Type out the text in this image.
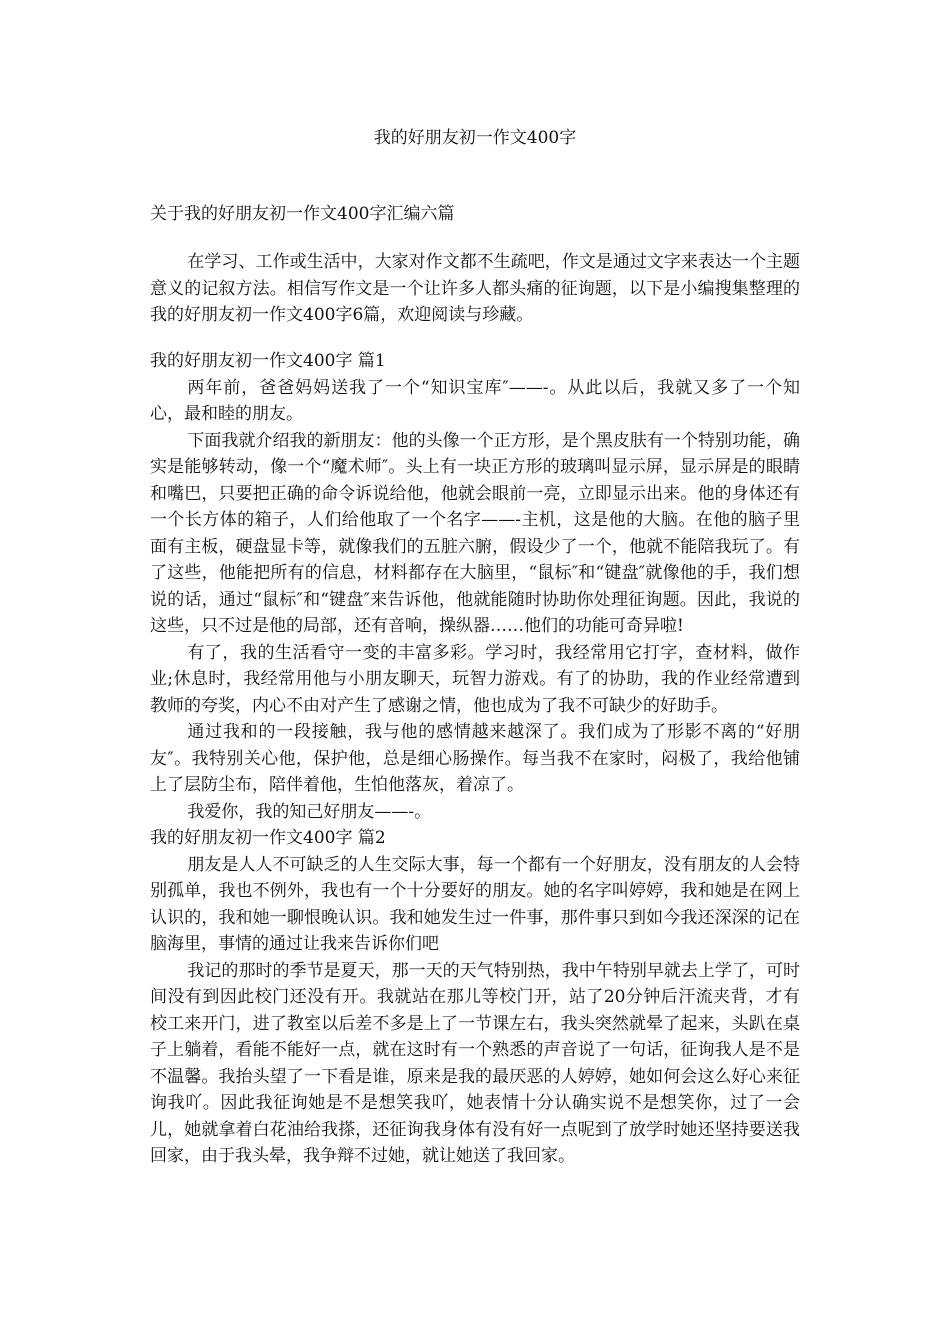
我的好朋友初一作文400字
关于我的好朋友初一作文400字汇编六篇

在学习、工作或生活中，大家对作文都不生疏吧，作文是通过文字来表达一个主题意义的记叙方法。相信写作文是一个让许多人都头痛的征询题，以下是小编搜集整理的我的好朋友初一作文400字6篇，欢迎阅读与珍藏。

我的好朋友初一作文400字 篇1

两年前，爸爸妈妈送我了一个“知识宝库″——-。从此以后，我就又多了一个知心，最和睦的朋友。

下面我就介绍我的新朋友：他的头像一个正方形，是个黑皮肤有一个特别功能，确实是能够转动，像一个“魔术师″。头上有一块正方形的玻璃叫显示屏，显示屏是的眼睛和嘴巴，只要把正确的命令诉说给他，他就会眼前一亮，立即显示出来。他的身体还有一个长方体的箱子，人们给他取了一个名字——-主机，这是他的大脑。在他的脑子里面有主板，硬盘显卡等，就像我们的五脏六腑，假设少了一个，他就不能陪我玩了。有了这些，他能把所有的信息，材料都存在大脑里，“鼠标″和“键盘″就像他的手，我们想说的话，通过“鼠标″和“键盘″来告诉他，他就能随时协助你处理征询题。因此，我说的这些，只不过是他的局部，还有音响，操纵器……他们的功能可奇异啦!

有了，我的生活看守一变的丰富多彩。学习时，我经常用它打字，查材料，做作业;休息时，我经常用他与小朋友聊天，玩智力游戏。有了的协助，我的作业经常遭到教师的夸奖，内心不由对产生了感谢之情，他也成为了我不可缺少的好助手。

通过我和的一段接触，我与他的感情越来越深了。我们成为了形影不离的“好朋友″。我特别关心他，保护他，总是细心肠操作。每当我不在家时，闷极了，我给他铺上了层防尘布，陪伴着他，生怕他落灰，着凉了。

我爱你，我的知己好朋友——-。

我的好朋友初一作文400字 篇2

朋友是人人不可缺乏的人生交际大事，每一个都有一个好朋友，没有朋友的人会特别孤单，我也不例外，我也有一个十分要好的朋友。她的名字叫婷婷，我和她是在网上认识的，我和她一聊恨晚认识。我和她发生过一件事，那件事只到如今我还深深的记在脑海里，事情的通过让我来告诉你们吧

我记的那时的季节是夏天，那一天的天气特别热，我中午特别早就去上学了，可时间没有到因此校门还没有开。我就站在那儿等校门开，站了20分钟后汗流夹背，才有校工来开门，进了教室以后差不多是上了一节课左右，我头突然就晕了起来，头趴在桌子上躺着，看能不能好一点，就在这时有一个熟悉的声音说了一句话，征询我人是不是不温馨。我抬头望了一下看是谁，原来是我的最厌恶的人婷婷，她如何会这么好心来征询我吖。因此我征询她是不是想笑我吖，她表情十分认确实说不是想笑你，过了一会儿，她就拿着白花油给我搽，还征询我身体有没有好一点呢到了放学时她还坚持要送我回家，由于我头晕，我争辩不过她，就让她送了我回家。
